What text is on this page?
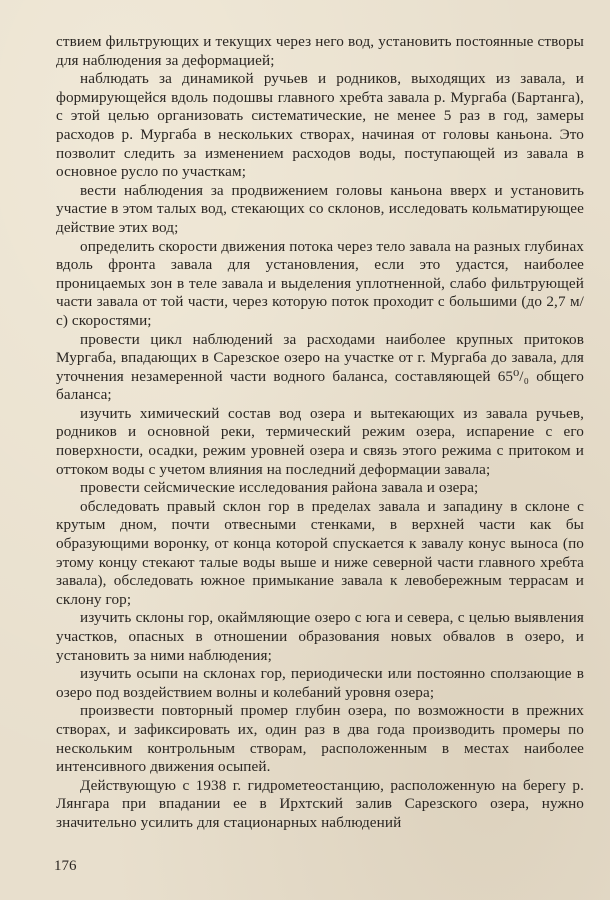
ствием фильтрующих и текущих через него вод, установить постоянные створы для наблюдения за деформацией;

наблюдать за динамикой ручьев и родников, выходящих из завала, и формирующейся вдоль подошвы главного хребта завала р. Мургаба (Бартанга), с этой целью организовать систематические, не менее 5 раз в год, замеры расходов р. Мургаба в нескольких створах, начиная от головы каньона. Это позволит следить за изменением расходов воды, поступающей из завала в основное русло по участкам;

вести наблюдения за продвижением головы каньона вверх и установить участие в этом талых вод, стекающих со склонов, исследовать кольматирующее действие этих вод;

определить скорости движения потока через тело завала на разных глубинах вдоль фронта завала для установления, если это удастся, наиболее проницаемых зон в теле завала и выделения уплотненной, слабо фильтрующей части завала от той части, через которую поток проходит с большими (до 2,7 м/с) скоростями;

провести цикл наблюдений за расходами наиболее крупных притоков Мургаба, впадающих в Сарезское озеро на участке от г. Мургаба до завала, для уточнения незамеренной части водного баланса, составляющей 65⁰/₀ общего баланса;

изучить химический состав вод озера и вытекающих из завала ручьев, родников и основной реки, термический режим озера, испарение с его поверхности, осадки, режим уровней озера и связь этого режима с притоком и оттоком воды с учетом влияния на последний деформации завала;

провести сейсмические исследования района завала и озера;

обследовать правый склон гор в пределах завала и западину в склоне с крутым дном, почти отвесными стенками, в верхней части как бы образующими воронку, от конца которой спускается к завалу конус выноса (по этому концу стекают талые воды выше и ниже северной части главного хребта завала), обследовать южное примыкание завала к левобережным террасам и склону гор;

изучить склоны гор, окаймляющие озеро с юга и севера, с целью выявления участков, опасных в отношении образования новых обвалов в озеро, и установить за ними наблюдения;

изучить осыпи на склонах гор, периодически или постоянно сползающие в озеро под воздействием волны и колебаний уровня озера;

произвести повторный промер глубин озера, по возможности в прежних створах, и зафиксировать их, один раз в два года производить промеры по нескольким контрольным створам, расположенным в местах наиболее интенсивного движения осыпей.

Действующую с 1938 г. гидрометеостанцию, расположенную на берегу р. Лянгара при впадании ее в Ирхтский залив Сарезского озера, нужно значительно усилить для стационарных наблюдений

176
